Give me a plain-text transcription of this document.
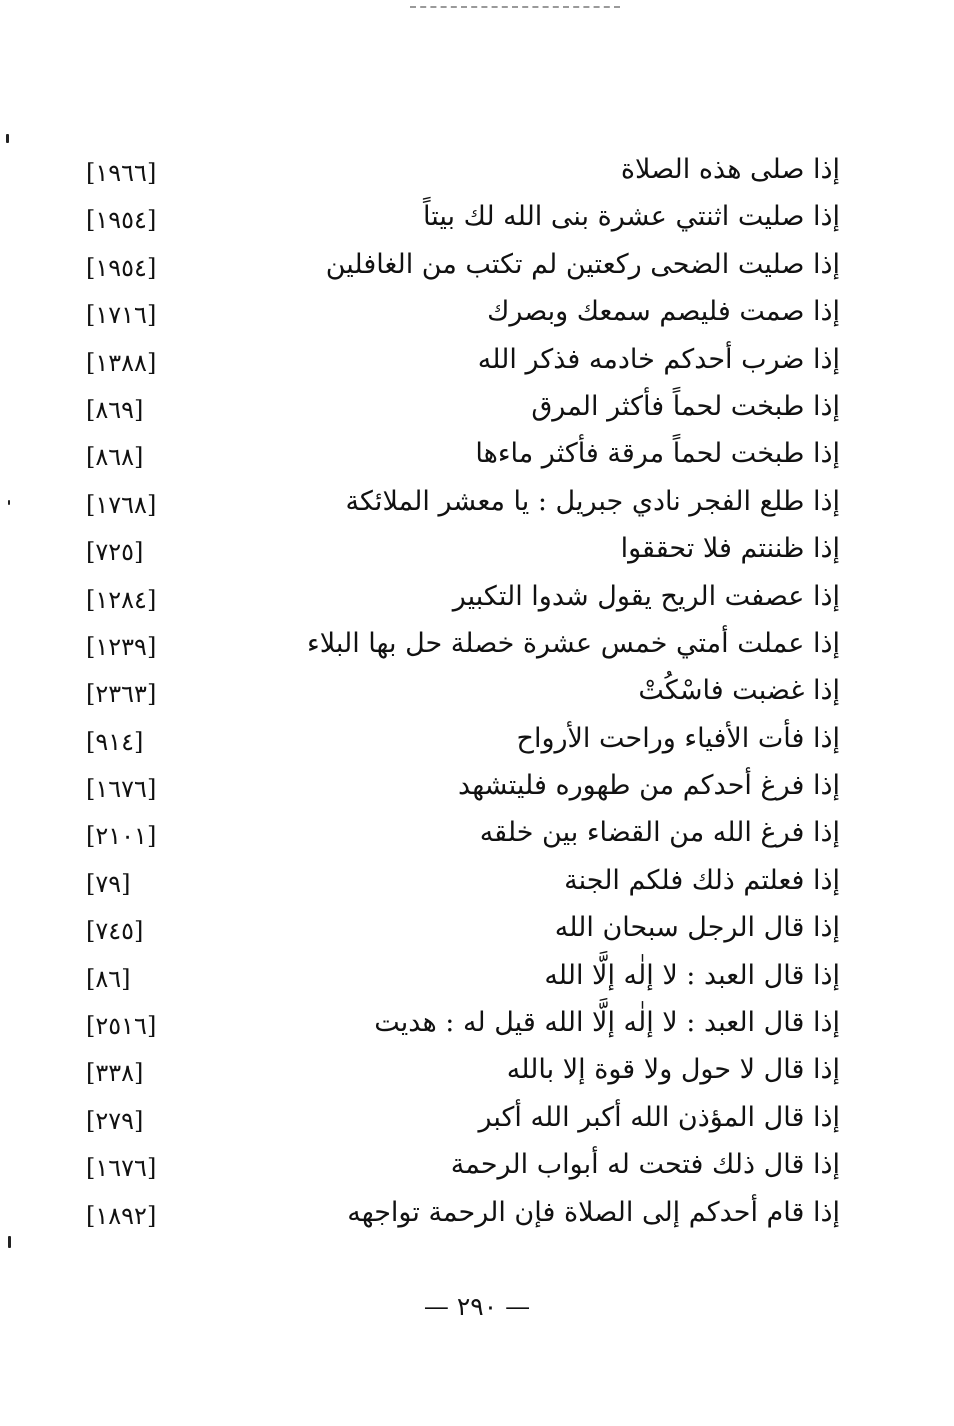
إذا صلى هذه الصلاة
[١٩٦٦]
إذا صليت اثنتي عشرة بنى الله لك بيتاً
[١٩٥٤]
إذا صليت الضحى ركعتين لم تكتب من الغافلين
[١٩٥٤]
إذا صمت فليصم سمعك وبصرك
[١٧١٦]
إذا ضرب أحدكم خادمه فذكر الله
[١٣٨٨]
إذا طبخت لحماً فأكثر المرق
[٨٦٩]
إذا طبخت لحماً مرقة فأكثر ماءها
[٨٦٨]
إذا طلع الفجر نادي جبريل : يا معشر الملائكة
[١٧٦٨]
إذا ظننتم فلا تحققوا
[٧٢٥]
إذا عصفت الريح يقول شدوا التكبير
[١٢٨٤]
إذا عملت أمتي خمس عشرة خصلة حل بها البلاء
[١٢٣٩]
إذا غضبت فاسْكُتْ
[٢٣٦٣]
إذا فأت الأفياء وراحت الأرواح
[٩١٤]
إذا فرغ أحدكم من طهوره فليتشهد
[١٦٧٦]
إذا فرغ الله من القضاء بين خلقه
[٢١٠١]
إذا فعلتم ذلك فلكم الجنة
[٧٩]
إذا قال الرجل سبحان الله
[٧٤٥]
إذا قال العبد : لا إلٰه إلَّا الله
[٨٦]
إذا قال العبد : لا إلٰه إلَّا الله قيل له : هديت
[٢٥١٦]
إذا قال لا حول ولا قوة إلا بالله
[٣٣٨]
إذا قال المؤذن الله أكبر الله أكبر
[٢٧٩]
إذا قال ذلك فتحت له أبواب الرحمة
[١٦٧٦]
إذا قام أحدكم إلى الصلاة فإن الرحمة تواجهه
[١٨٩٢]
— ٢٩٠ —
